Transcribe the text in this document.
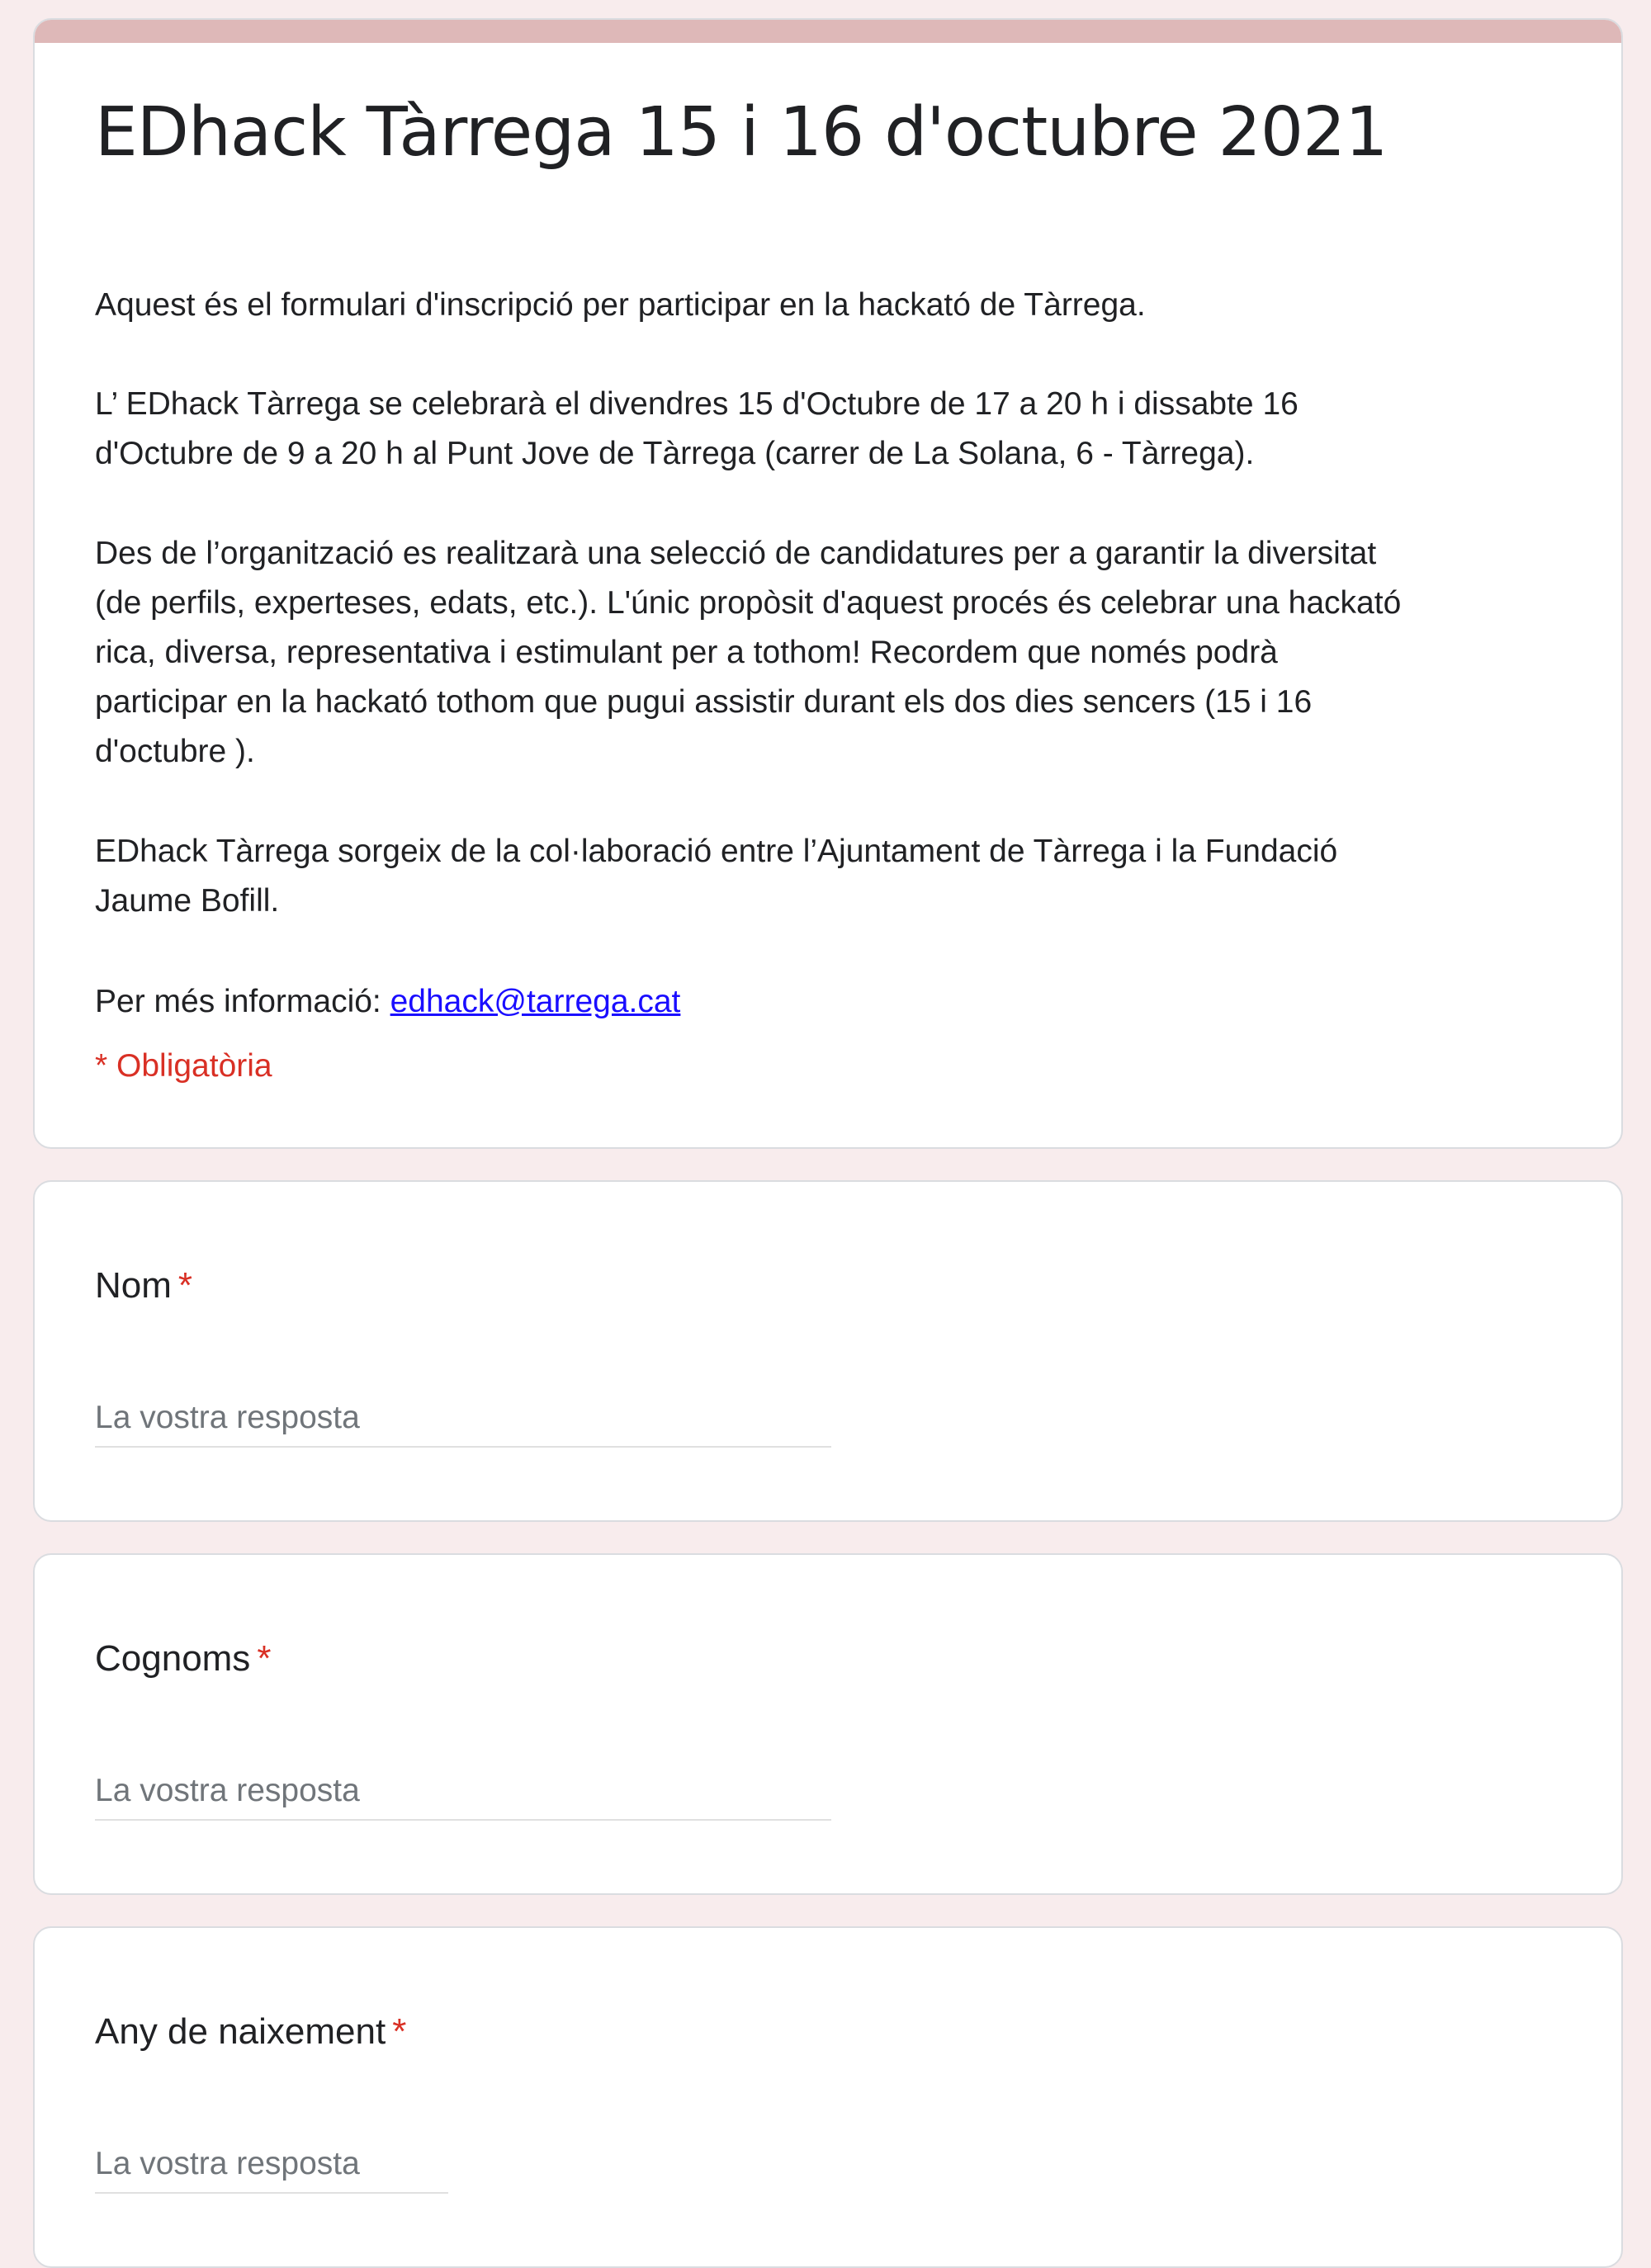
EDhack Tàrrega 15 i 16 d'octubre 2021

Aquest és el formulari d'inscripció per participar en la hackató de Tàrrega.

L’ EDhack Tàrrega se celebrarà el divendres 15 d'Octubre de 17 a 20 h i dissabte 16
d'Octubre de 9 a 20 h al Punt Jove de Tàrrega (carrer de La Solana, 6 - Tàrrega).

Des de l’organització es realitzarà una selecció de candidatures per a garantir la diversitat
(de perfils, experteses, edats, etc.). L'únic propòsit d'aquest procés és celebrar una hackató
rica, diversa, representativa i estimulant per a tothom! Recordem que només podrà
participar en la hackató tothom que pugui assistir durant els dos dies sencers (15 i 16
d'octubre ).

EDhack Tàrrega sorgeix de la col·laboració entre l’Ajuntament de Tàrrega i la Fundació
Jaume Bofill.

Per més informació: edhack@tarrega.cat

* Obligatòria

Nom *
La vostra resposta
Cognoms *
La vostra resposta
Any de naixement *
La vostra resposta
